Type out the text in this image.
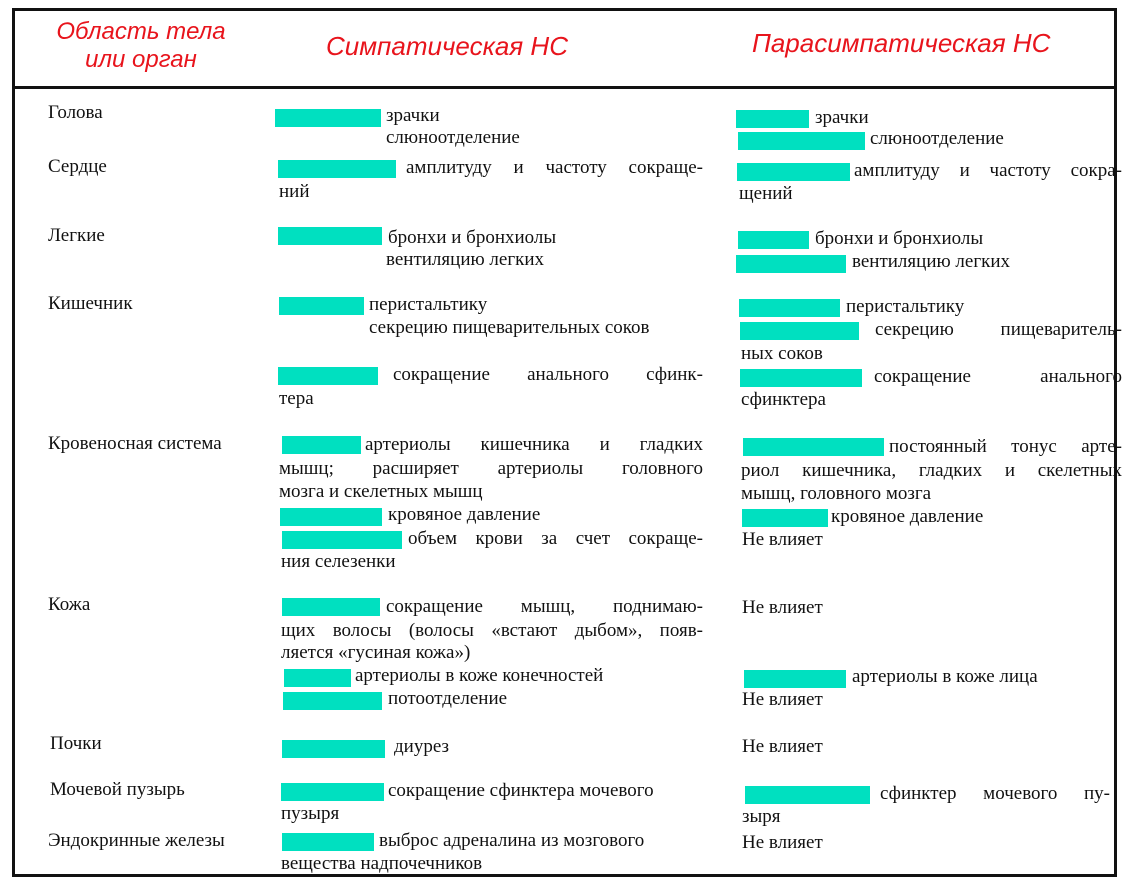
Область тела
или орган	Симпатическая НС	Парасимпатическая НС
Голова
Сердце
Легкие
Кишечник
Кровеносная система
Кожа
Почки
Мочевой пузырь
Эндокринные железы
зрачки
слюноотделение
амплитуду и частоту сокраще-
ний
бронхи и бронхиолы
вентиляцию легких
перистальтику
секрецию пищеварительных соков
сокращение анального сфинк-
тера
артериолы кишечника и гладких
мышц; расширяет артериолы головного
мозга и скелетных мышц
кровяное давление
объем крови за счет сокраще-
ния селезенки
сокращение мышц, поднимаю-
щих волосы (волосы «встают дыбом», появ-
ляется «гусиная кожа»)
артериолы в коже конечностей
потоотделение
диурез
сокращение сфинктера мочевого
пузыря
выброс адреналина из мозгового
вещества надпочечников
зрачки
слюноотделение
амплитуду и частоту сокра-
щений
бронхи и бронхиолы
вентиляцию легких
перистальтику
секрецию пищеваритель-
ных соков
сокращение анального
сфинктера
постоянный тонус арте-
риол кишечника, гладких и скелетных
мышц, головного мозга
кровяное давление
Не влияет
Не влияет
артериолы в коже лица
Не влияет
Не влияет
сфинктер мочевого пу-
зыря
Не влияет
